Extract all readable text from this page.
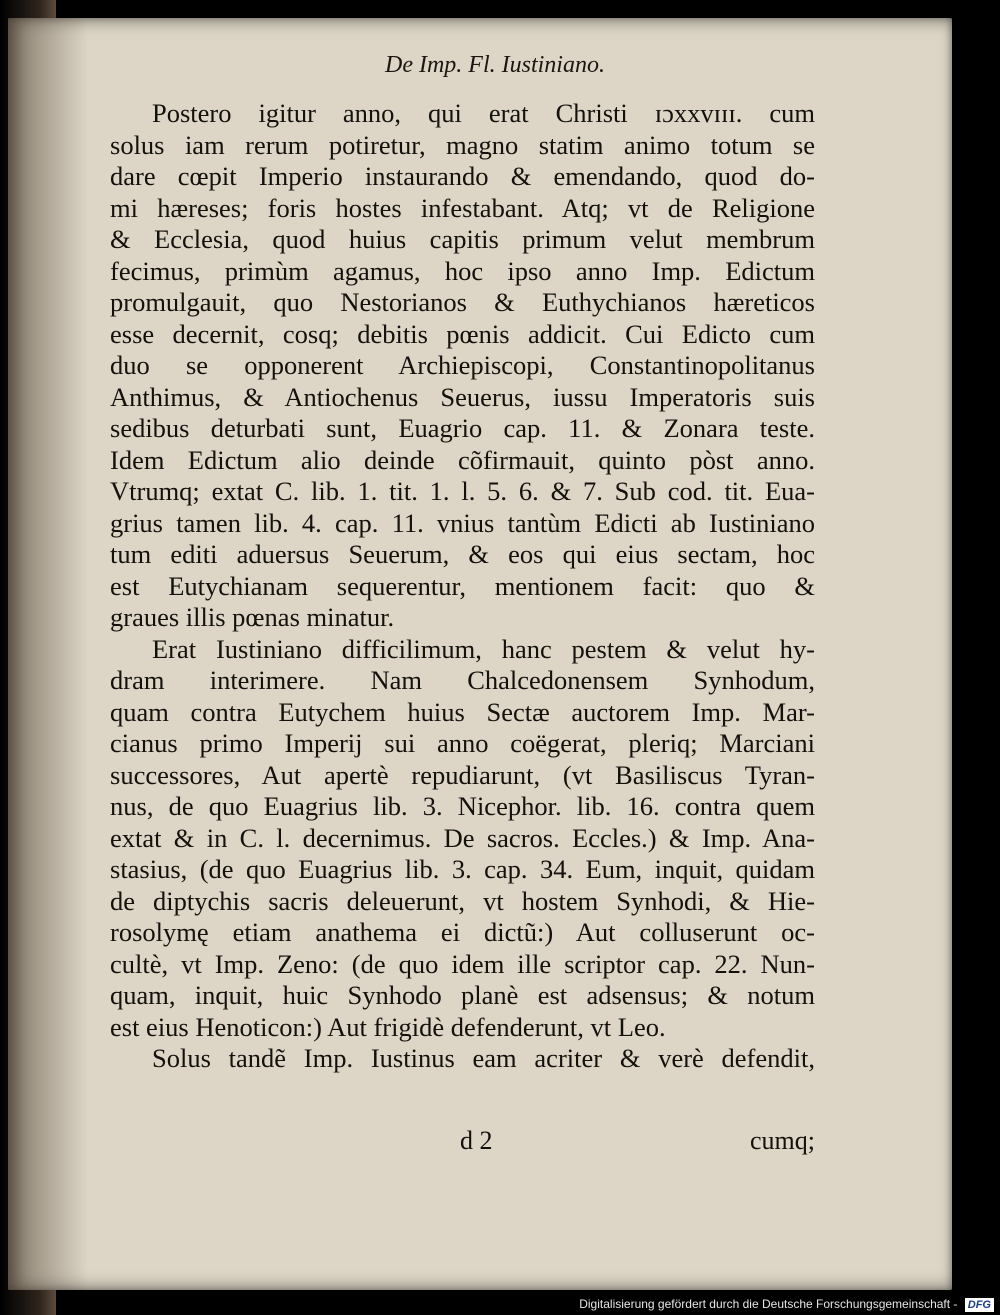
De Imp. Fl. Iustiniano.
Postero igitur anno, qui erat Christi ɪɔxxvɪɪɪ. cum
solus iam rerum potiretur, magno statim animo totum se
dare cœpit Imperio instaurando & emendando, quod do-
mi hæreses; foris hostes infestabant. Atq; vt de Religione
& Ecclesia, quod huius capitis primum velut membrum
fecimus, primùm agamus, hoc ipso anno Imp. Edictum
promulgauit, quo Nestorianos & Euthychianos hæreticos
esse decernit, cosq; debitis pœnis addicit. Cui Edicto cum
duo se opponerent Archiepiscopi, Constantinopolitanus
Anthimus, & Antiochenus Seuerus, iussu Imperatoris suis
sedibus deturbati sunt, Euagrio cap. 11. & Zonara teste.
Idem Edictum alio deinde cõfirmauit, quinto pòst anno.
Vtrumq; extat C. lib. 1. tit. 1. l. 5. 6. & 7. Sub cod. tit. Eua-
grius tamen lib. 4. cap. 11. vnius tantùm Edicti ab Iustiniano
tum editi aduersus Seuerum, & eos qui eius sectam, hoc
est Eutychianam sequerentur, mentionem facit: quo &
graues illis pœnas minatur.
Erat Iustiniano difficilimum, hanc pestem & velut hy-
dram interimere. Nam Chalcedonensem Synhodum,
quam contra Eutychem huius Sectæ auctorem Imp. Mar-
cianus primo Imperij sui anno coëgerat, pleriq; Marciani
successores, Aut apertè repudiarunt, (vt Basiliscus Tyran-
nus, de quo Euagrius lib. 3. Nicephor. lib. 16. contra quem
extat & in C. l. decernimus. De sacros. Eccles.) & Imp. Ana-
stasius, (de quo Euagrius lib. 3. cap. 34. Eum, inquit, quidam
de diptychis sacris deleuerunt, vt hostem Synhodi, & Hie-
rosolymę etiam anathema ei dictũ:) Aut colluserunt oc-
cultè, vt Imp. Zeno: (de quo idem ille scriptor cap. 22. Nun-
quam, inquit, huic Synhodo planè est adsensus; & notum
est eius Henoticon:) Aut frigidè defenderunt, vt Leo.
Solus tandẽ Imp. Iustinus eam acriter & verè defendit,
d 2	cumq;
Digitalisierung gefördert durch die Deutsche Forschungsgemeinschaft - DFG
